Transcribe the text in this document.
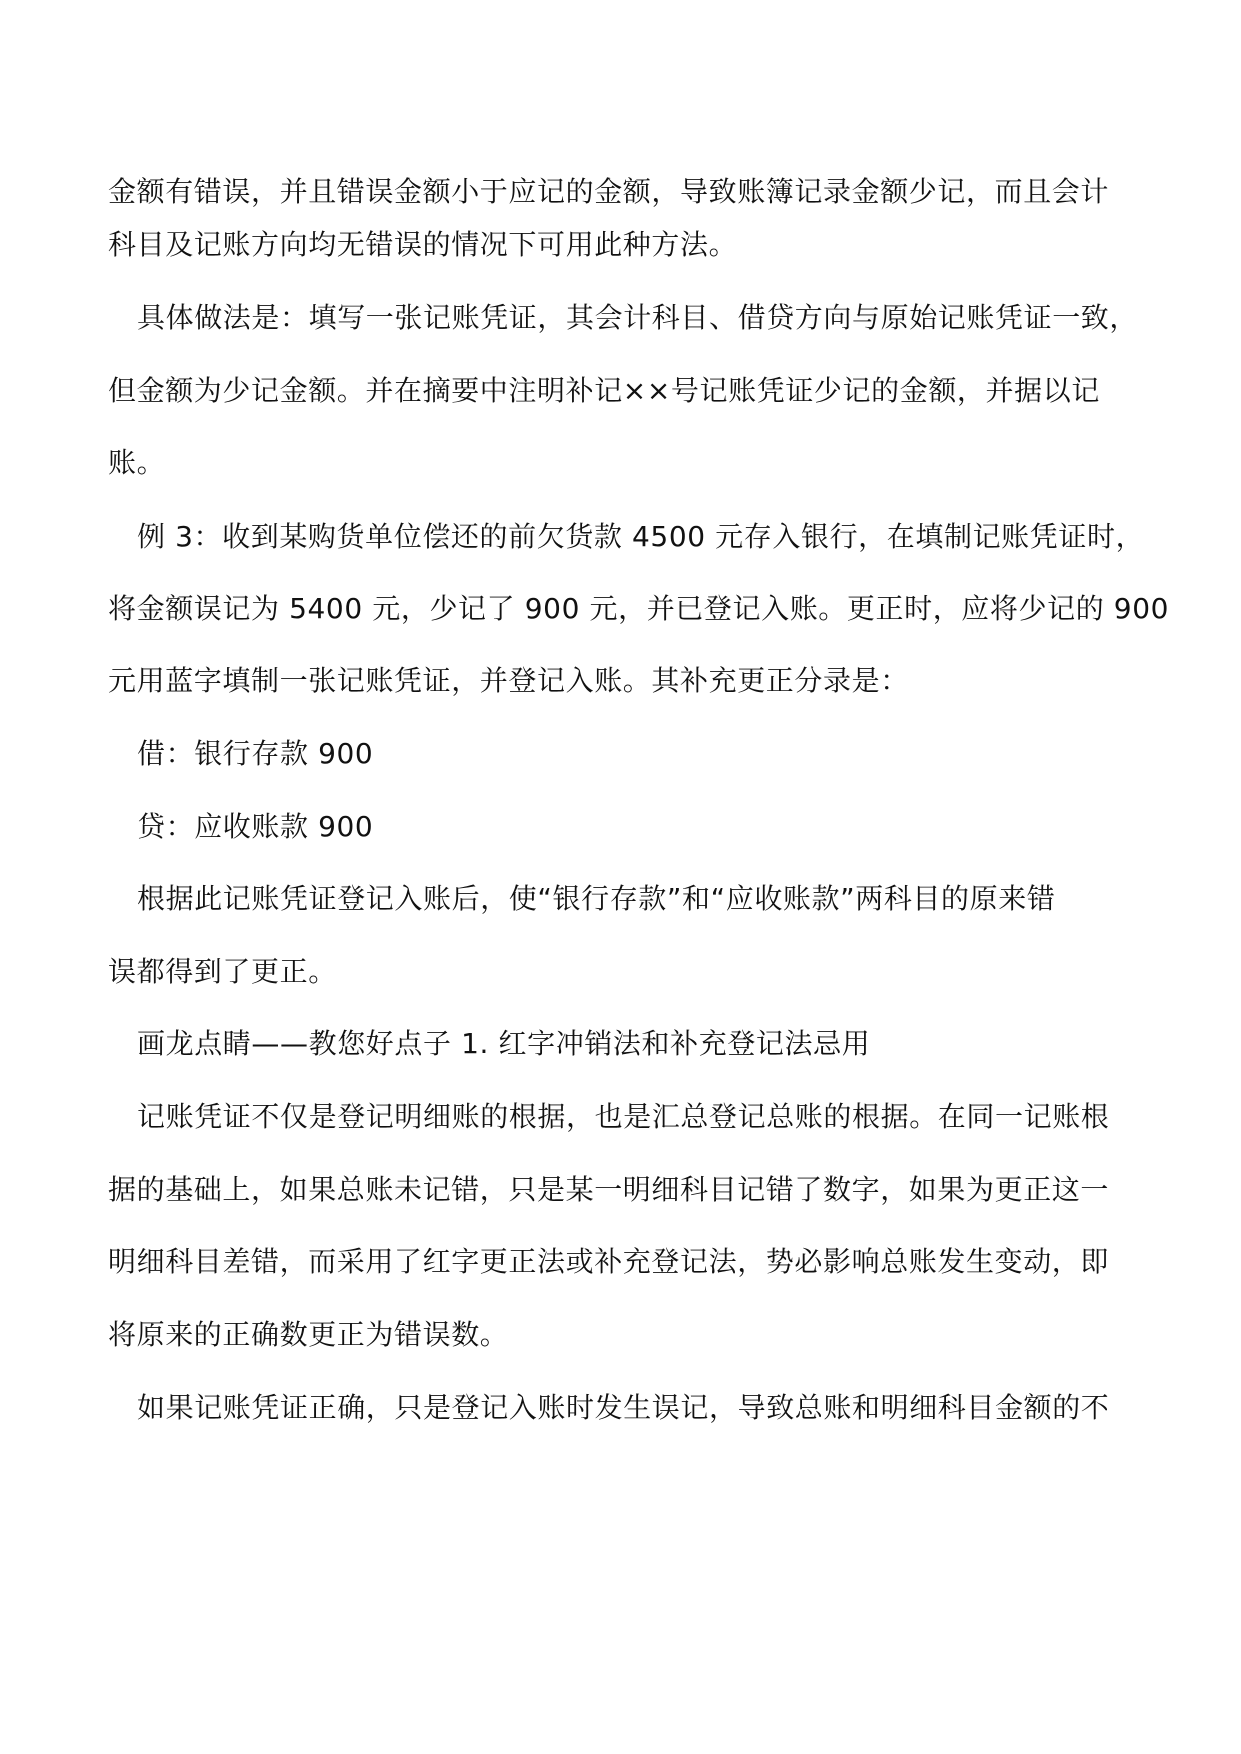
金额有错误，并且错误金额小于应记的金额，导致账簿记录金额少记，而且会计
科目及记账方向均无错误的情况下可用此种方法。
具体做法是：填写一张记账凭证，其会计科目、借贷方向与原始记账凭证一致，
但金额为少记金额。并在摘要中注明补记××号记账凭证少记的金额，并据以记
账。
例 3：收到某购货单位偿还的前欠货款 4500 元存入银行，在填制记账凭证时，
将金额误记为 5400 元，少记了 900 元，并已登记入账。更正时，应将少记的 900
元用蓝字填制一张记账凭证，并登记入账。其补充更正分录是：
借：银行存款 900
贷：应收账款 900
根据此记账凭证登记入账后，使“银行存款”和“应收账款”两科目的原来错
误都得到了更正。
画龙点睛——教您好点子 1. 红字冲销法和补充登记法忌用
记账凭证不仅是登记明细账的根据，也是汇总登记总账的根据。在同一记账根
据的基础上，如果总账未记错，只是某一明细科目记错了数字，如果为更正这一
明细科目差错，而采用了红字更正法或补充登记法，势必影响总账发生变动，即
将原来的正确数更正为错误数。
如果记账凭证正确，只是登记入账时发生误记，导致总账和明细科目金额的不
